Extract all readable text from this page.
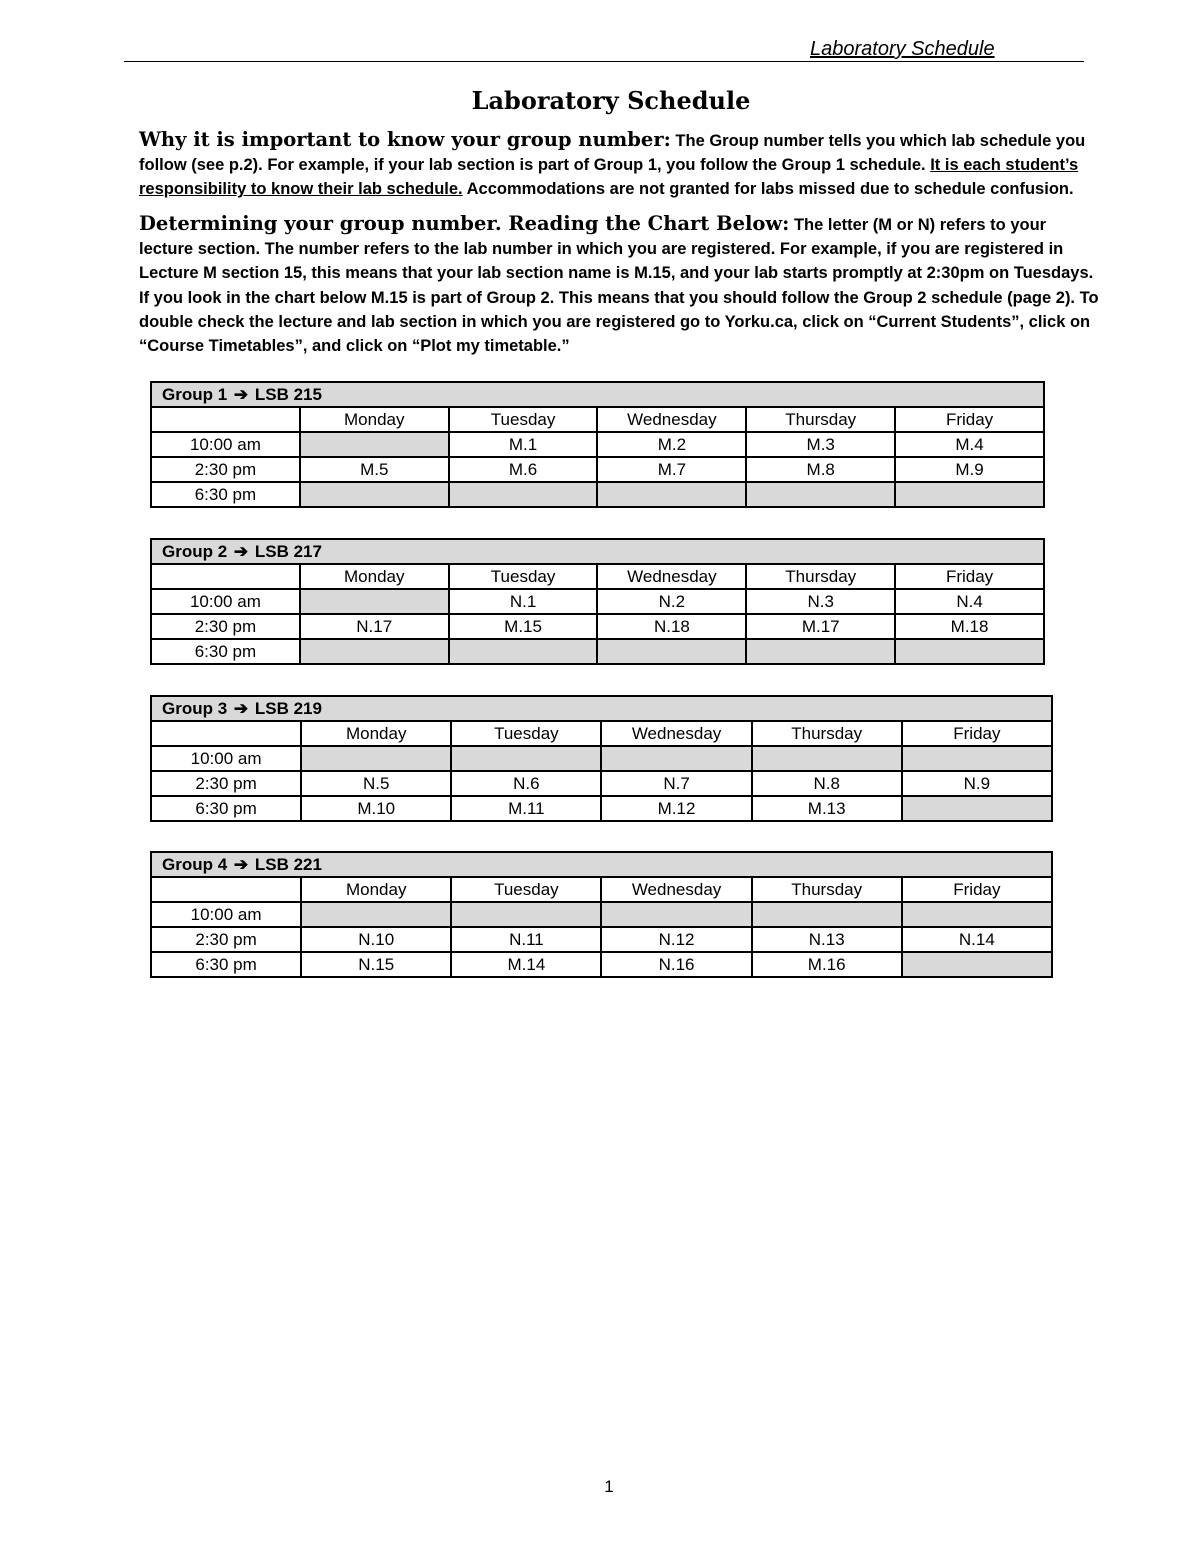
Laboratory Schedule
Laboratory Schedule
Why it is important to know your group number: The Group number tells you which lab schedule you follow (see p.2). For example, if your lab section is part of Group 1, you follow the Group 1 schedule. It is each student’s responsibility to know their lab schedule. Accommodations are not granted for labs missed due to schedule confusion.
Determining your group number. Reading the Chart Below: The letter (M or N) refers to your lecture section. The number refers to the lab number in which you are registered. For example, if you are registered in Lecture M section 15, this means that your lab section name is M.15, and your lab starts promptly at 2:30pm on Tuesdays. If you look in the chart below M.15 is part of Group 2. This means that you should follow the Group 2 schedule (page 2). To double check the lecture and lab section in which you are registered go to Yorku.ca, click on “Current Students”, click on “Course Timetables”, and click on “Plot my timetable.”
Group 1 ➔ LSB 215					
	Monday	Tuesday	Wednesday	Thursday	Friday
10:00 am		M.1	M.2	M.3	M.4
2:30 pm	M.5	M.6	M.7	M.8	M.9
6:30 pm					
Group 2 ➔ LSB 217					
	Monday	Tuesday	Wednesday	Thursday	Friday
10:00 am		N.1	N.2	N.3	N.4
2:30 pm	N.17	M.15	N.18	M.17	M.18
6:30 pm					
Group 3 ➔ LSB 219					
	Monday	Tuesday	Wednesday	Thursday	Friday
10:00 am					
2:30 pm	N.5	N.6	N.7	N.8	N.9
6:30 pm	M.10	M.11	M.12	M.13	
Group 4 ➔ LSB 221					
	Monday	Tuesday	Wednesday	Thursday	Friday
10:00 am					
2:30 pm	N.10	N.11	N.12	N.13	N.14
6:30 pm	N.15	M.14	N.16	M.16	
1
